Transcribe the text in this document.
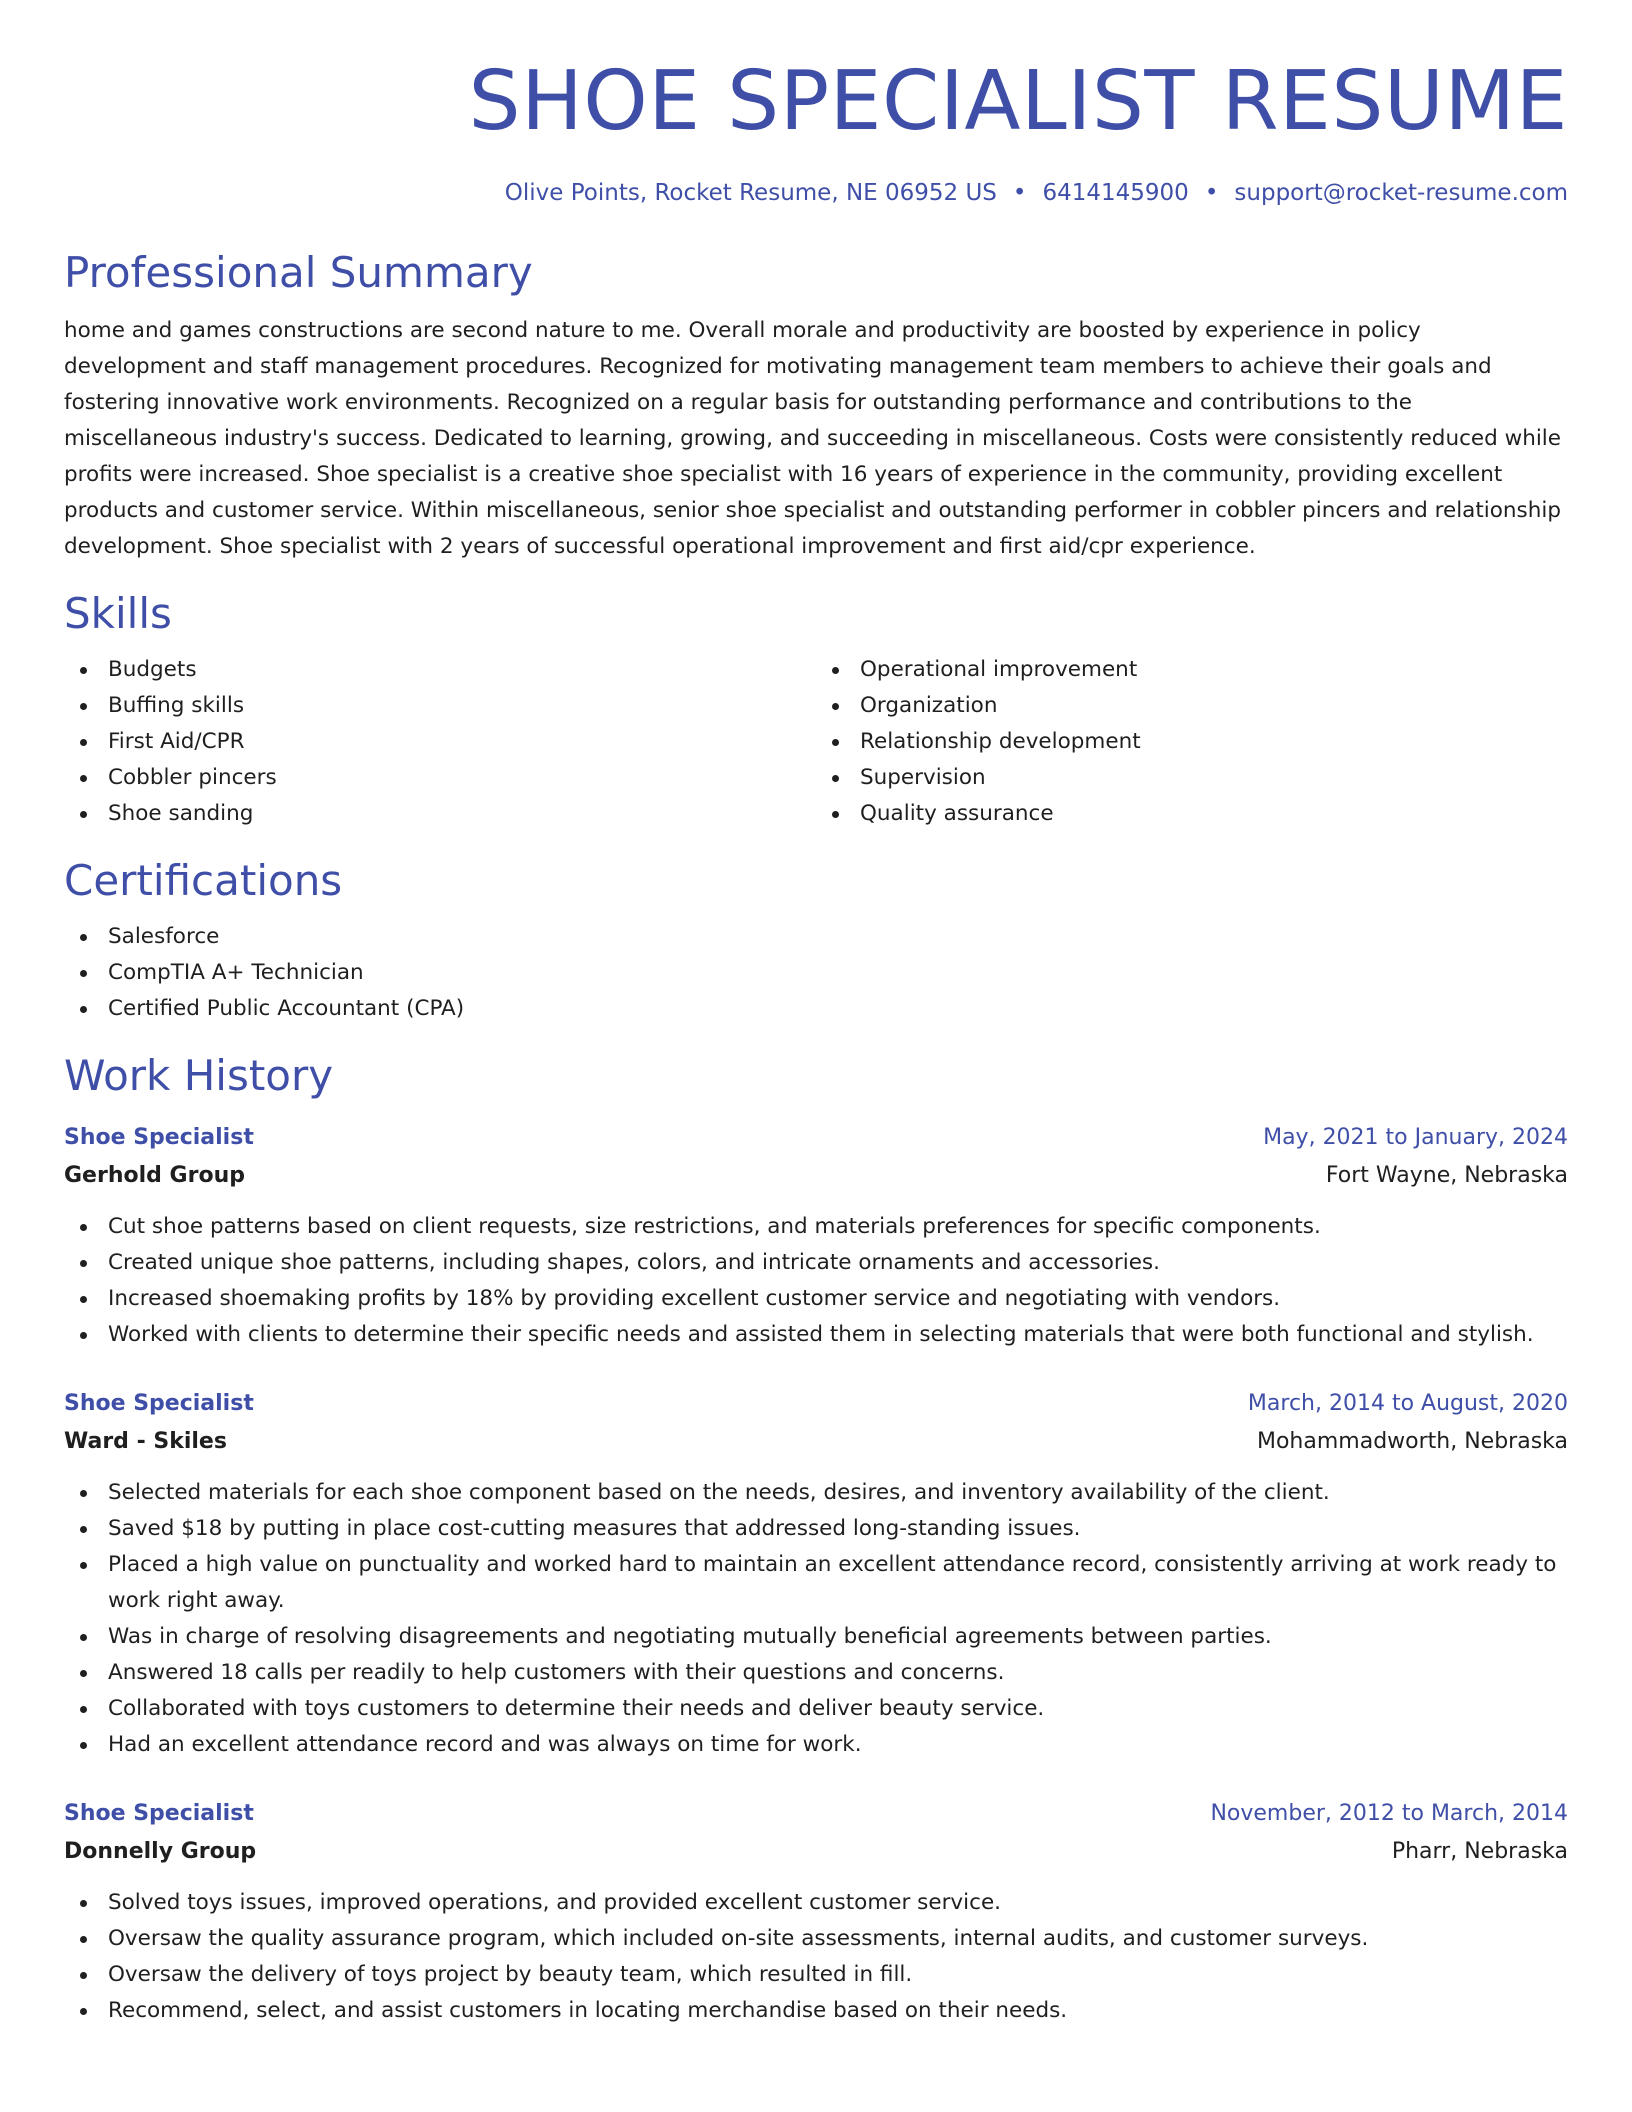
SHOE SPECIALIST RESUME
Olive Points, Rocket Resume, NE 06952 US • 6414145900 • support@rocket-resume.com
Professional Summary

home and games constructions are second nature to me. Overall morale and productivity are boosted by experience in policy development and staff management procedures. Recognized for motivating management team members to achieve their goals and fostering innovative work environments. Recognized on a regular basis for outstanding performance and contributions to the miscellaneous industry's success. Dedicated to learning, growing, and succeeding in miscellaneous. Costs were consistently reduced while profits were increased. Shoe specialist is a creative shoe specialist with 16 years of experience in the community, providing excellent products and customer service. Within miscellaneous, senior shoe specialist and outstanding performer in cobbler pincers and relationship development. Shoe specialist with 2 years of successful operational improvement and first aid/cpr experience.

Skills
Budgets
Buffing skills
First Aid/CPR
Cobbler pincers
Shoe sanding
Operational improvement
Organization
Relationship development
Supervision
Quality assurance
Certifications
Salesforce
CompTIA A+ Technician
Certified Public Accountant (CPA)
Work History
Shoe Specialist	May, 2021 to January, 2024
Gerhold Group	Fort Wayne, Nebraska
Cut shoe patterns based on client requests, size restrictions, and materials preferences for specific components.
Created unique shoe patterns, including shapes, colors, and intricate ornaments and accessories.
Increased shoemaking profits by 18% by providing excellent customer service and negotiating with vendors.
Worked with clients to determine their specific needs and assisted them in selecting materials that were both functional and stylish.
Shoe Specialist	March, 2014 to August, 2020
Ward - Skiles	Mohammadworth, Nebraska
Selected materials for each shoe component based on the needs, desires, and inventory availability of the client.
Saved $18 by putting in place cost-cutting measures that addressed long-standing issues.
Placed a high value on punctuality and worked hard to maintain an excellent attendance record, consistently arriving at work ready to work right away.
Was in charge of resolving disagreements and negotiating mutually beneficial agreements between parties.
Answered 18 calls per readily to help customers with their questions and concerns.
Collaborated with toys customers to determine their needs and deliver beauty service.
Had an excellent attendance record and was always on time for work.
Shoe Specialist	November, 2012 to March, 2014
Donnelly Group	Pharr, Nebraska
Solved toys issues, improved operations, and provided excellent customer service.
Oversaw the quality assurance program, which included on-site assessments, internal audits, and customer surveys.
Oversaw the delivery of toys project by beauty team, which resulted in fill.
Recommend, select, and assist customers in locating merchandise based on their needs.
